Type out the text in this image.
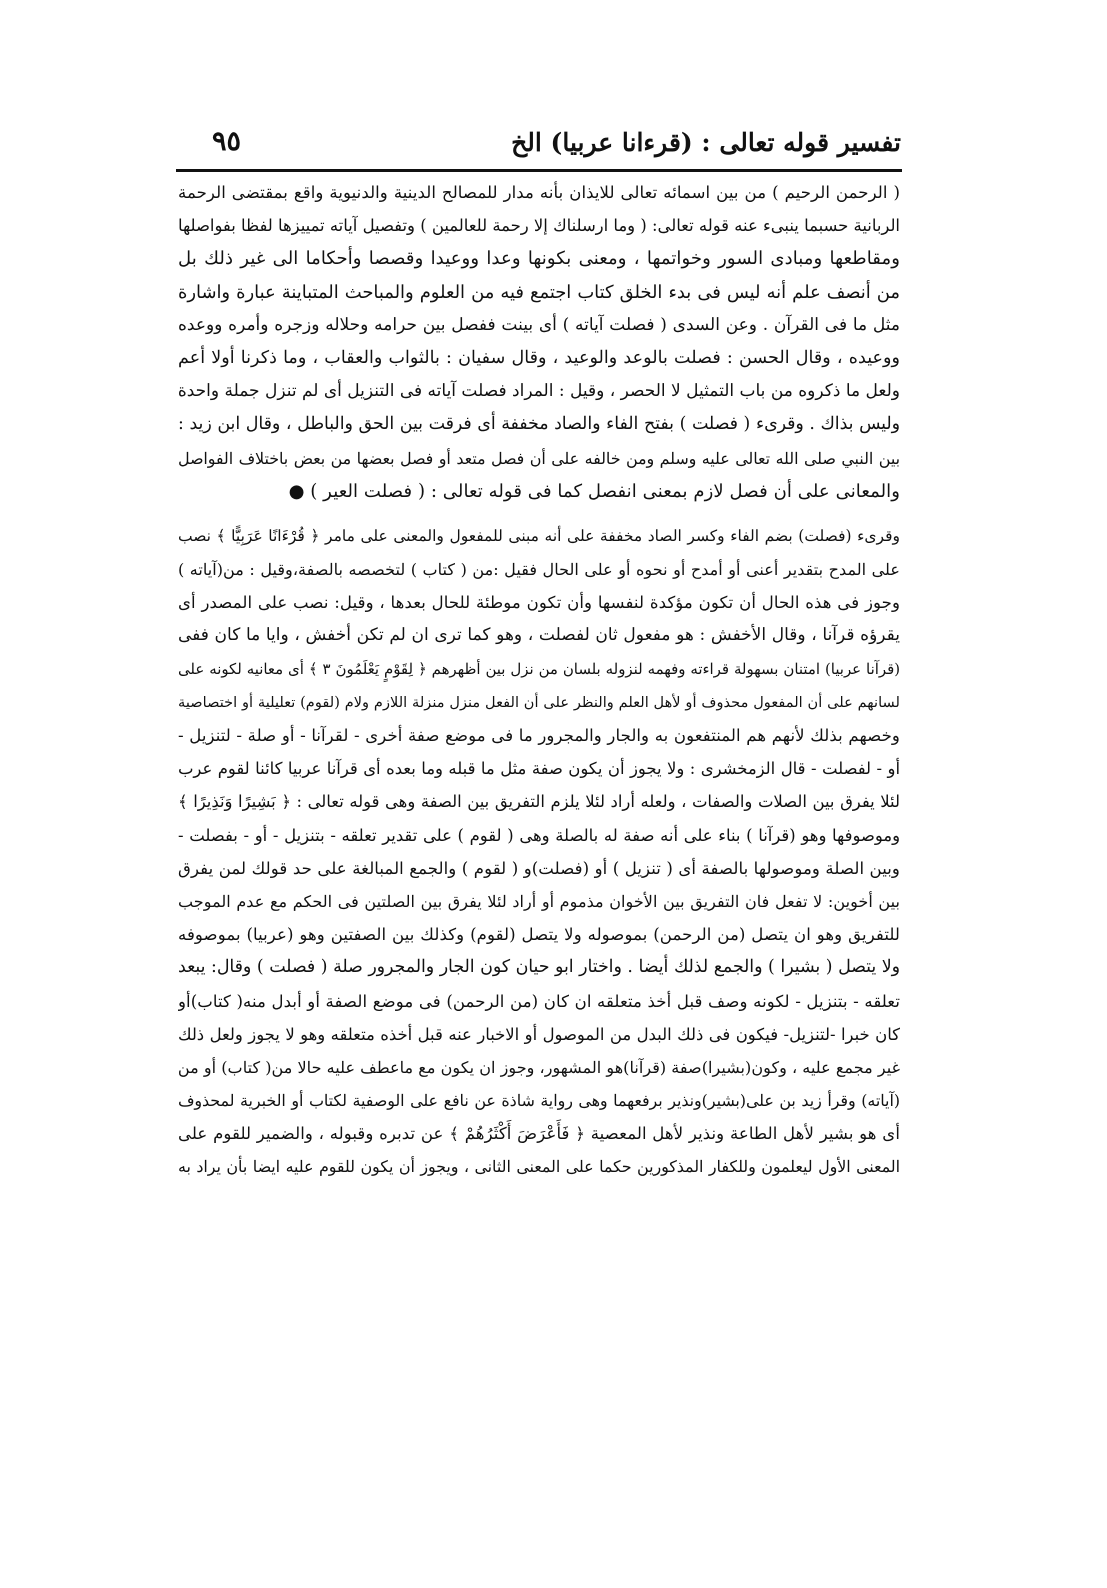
تفسير قوله تعالى : (قرءانا عربيا) الخ
٩٥
( الرحمن الرحيم ) من بين اسمائه تعالى للايذان بأنه مدار للمصالح الدينية والدنيوية واقع بمقتضى الرحمة
الربانية حسبما ينبىء عنه قوله تعالى: ( وما ارسلناك إلا رحمة للعالمين ) وتفصيل آياته تمييزها لفظا بفواصلها
ومقاطعها ومبادى السور وخواتمها ، ومعنى بكونها وعدا ووعيدا وقصصا وأحكاما الى غير ذلك بل
من أنصف علم أنه ليس فى بدء الخلق كتاب اجتمع فيه من العلوم والمباحث المتباينة عبارة واشارة
مثل ما فى القرآن . وعن السدى ( فصلت آياته ) أى بينت ففصل بين حرامه وحلاله وزجره وأمره ووعده
ووعيده ، وقال الحسن : فصلت بالوعد والوعيد ، وقال سفيان : بالثواب والعقاب ، وما ذكرنا أولا أعم
ولعل ما ذكروه من باب التمثيل لا الحصر ، وقيل : المراد فصلت آياته فى التنزيل أى لم تنزل جملة واحدة
وليس بذاك . وقرىء ( فصلت ) بفتح الفاء والصاد مخففة أى فرقت بين الحق والباطل ، وقال ابن زيد :
بين النبي صلى الله تعالى عليه وسلم ومن خالفه على أن فصل متعد أو فصل بعضها من بعض باختلاف الفواصل
والمعانى على أن فصل لازم بمعنى انفصل كما فى قوله تعالى : ( فصلت العير ) ●
وقرىء (فصلت) بضم الفاء وكسر الصاد مخففة على أنه مبنى للمفعول والمعنى على مامر ﴿ قُرْءَانًا عَرَبِيًّا ﴾ نصب
على المدح بتقدير أعنى أو أمدح أو نحوه أو على الحال فقيل :من ( كتاب ) لتخصصه بالصفة،وقيل : من(آياته )
وجوز فى هذه الحال أن تكون مؤكدة لنفسها وأن تكون موطئة للحال بعدها ، وقيل: نصب على المصدر أى
يقرؤه قرآنا ، وقال الأخفش : هو مفعول ثان لفصلت ، وهو كما ترى ان لم تكن أخفش ، وايا ما كان ففى
(قرآنا عربيا) امتنان بسهولة قراءته وفهمه لنزوله بلسان من نزل بين أظهرهم ﴿ لِقَوْمٍ يَعْلَمُونَ ٣ ﴾ أى معانيه لكونه على
لسانهم على أن المفعول محذوف أو لأهل العلم والنظر على أن الفعل منزل منزلة اللازم ولام (لقوم) تعليلية أو اختصاصية
وخصهم بذلك لأنهم هم المنتفعون به والجار والمجرور ما فى موضع صفة أخرى - لقرآنا - أو صلة - لتنزيل -
أو - لفصلت - قال الزمخشرى : ولا يجوز أن يكون صفة مثل ما قبله وما بعده أى قرآنا عربيا كائنا لقوم عرب
لئلا يفرق بين الصلات والصفات ، ولعله أراد لئلا يلزم التفريق بين الصفة وهى قوله تعالى : ﴿ بَشِيرًا وَنَذِيرًا ﴾
وموصوفها وهو (قرآنا ) بناء على أنه صفة له بالصلة وهى ( لقوم ) على تقدير تعلقه - بتنزيل - أو - بفصلت -
وبين الصلة وموصولها بالصفة أى ( تنزيل ) أو (فصلت)و ( لقوم ) والجمع المبالغة على حد قولك لمن يفرق
بين أخوين: لا تفعل فان التفريق بين الأخوان مذموم أو أراد لئلا يفرق بين الصلتين فى الحكم مع عدم الموجب
للتفريق وهو ان يتصل (من الرحمن) بموصوله ولا يتصل (لقوم) وكذلك بين الصفتين وهو (عربيا) بموصوفه
ولا يتصل ( بشيرا ) والجمع لذلك أيضا . واختار ابو حيان كون الجار والمجرور صلة ( فصلت ) وقال: يبعد
تعلقه - بتنزيل - لكونه وصف قبل أخذ متعلقه ان كان (من الرحمن) فى موضع الصفة أو أبدل منه( كتاب)أو
كان خبرا -لتنزيل- فيكون فى ذلك البدل من الموصول أو الاخبار عنه قبل أخذه متعلقه وهو لا يجوز ولعل ذلك
غير مجمع عليه ، وكون(بشيرا)صفة (قرآنا)هو المشهور، وجوز ان يكون مع ماعطف عليه حالا من( كتاب) أو من
(آياته) وقرأ زيد بن على(بشير)ونذير برفعهما وهى رواية شاذة عن نافع على الوصفية لكتاب أو الخبرية لمحذوف
أى هو بشير لأهل الطاعة ونذير لأهل المعصية ﴿ فَأَعْرَضَ أَكْثَرُهُمْ ﴾ عن تدبره وقبوله ، والضمير للقوم على
المعنى الأول ليعلمون وللكفار المذكورين حكما على المعنى الثانى ، ويجوز أن يكون للقوم عليه ايضا بأن يراد به
